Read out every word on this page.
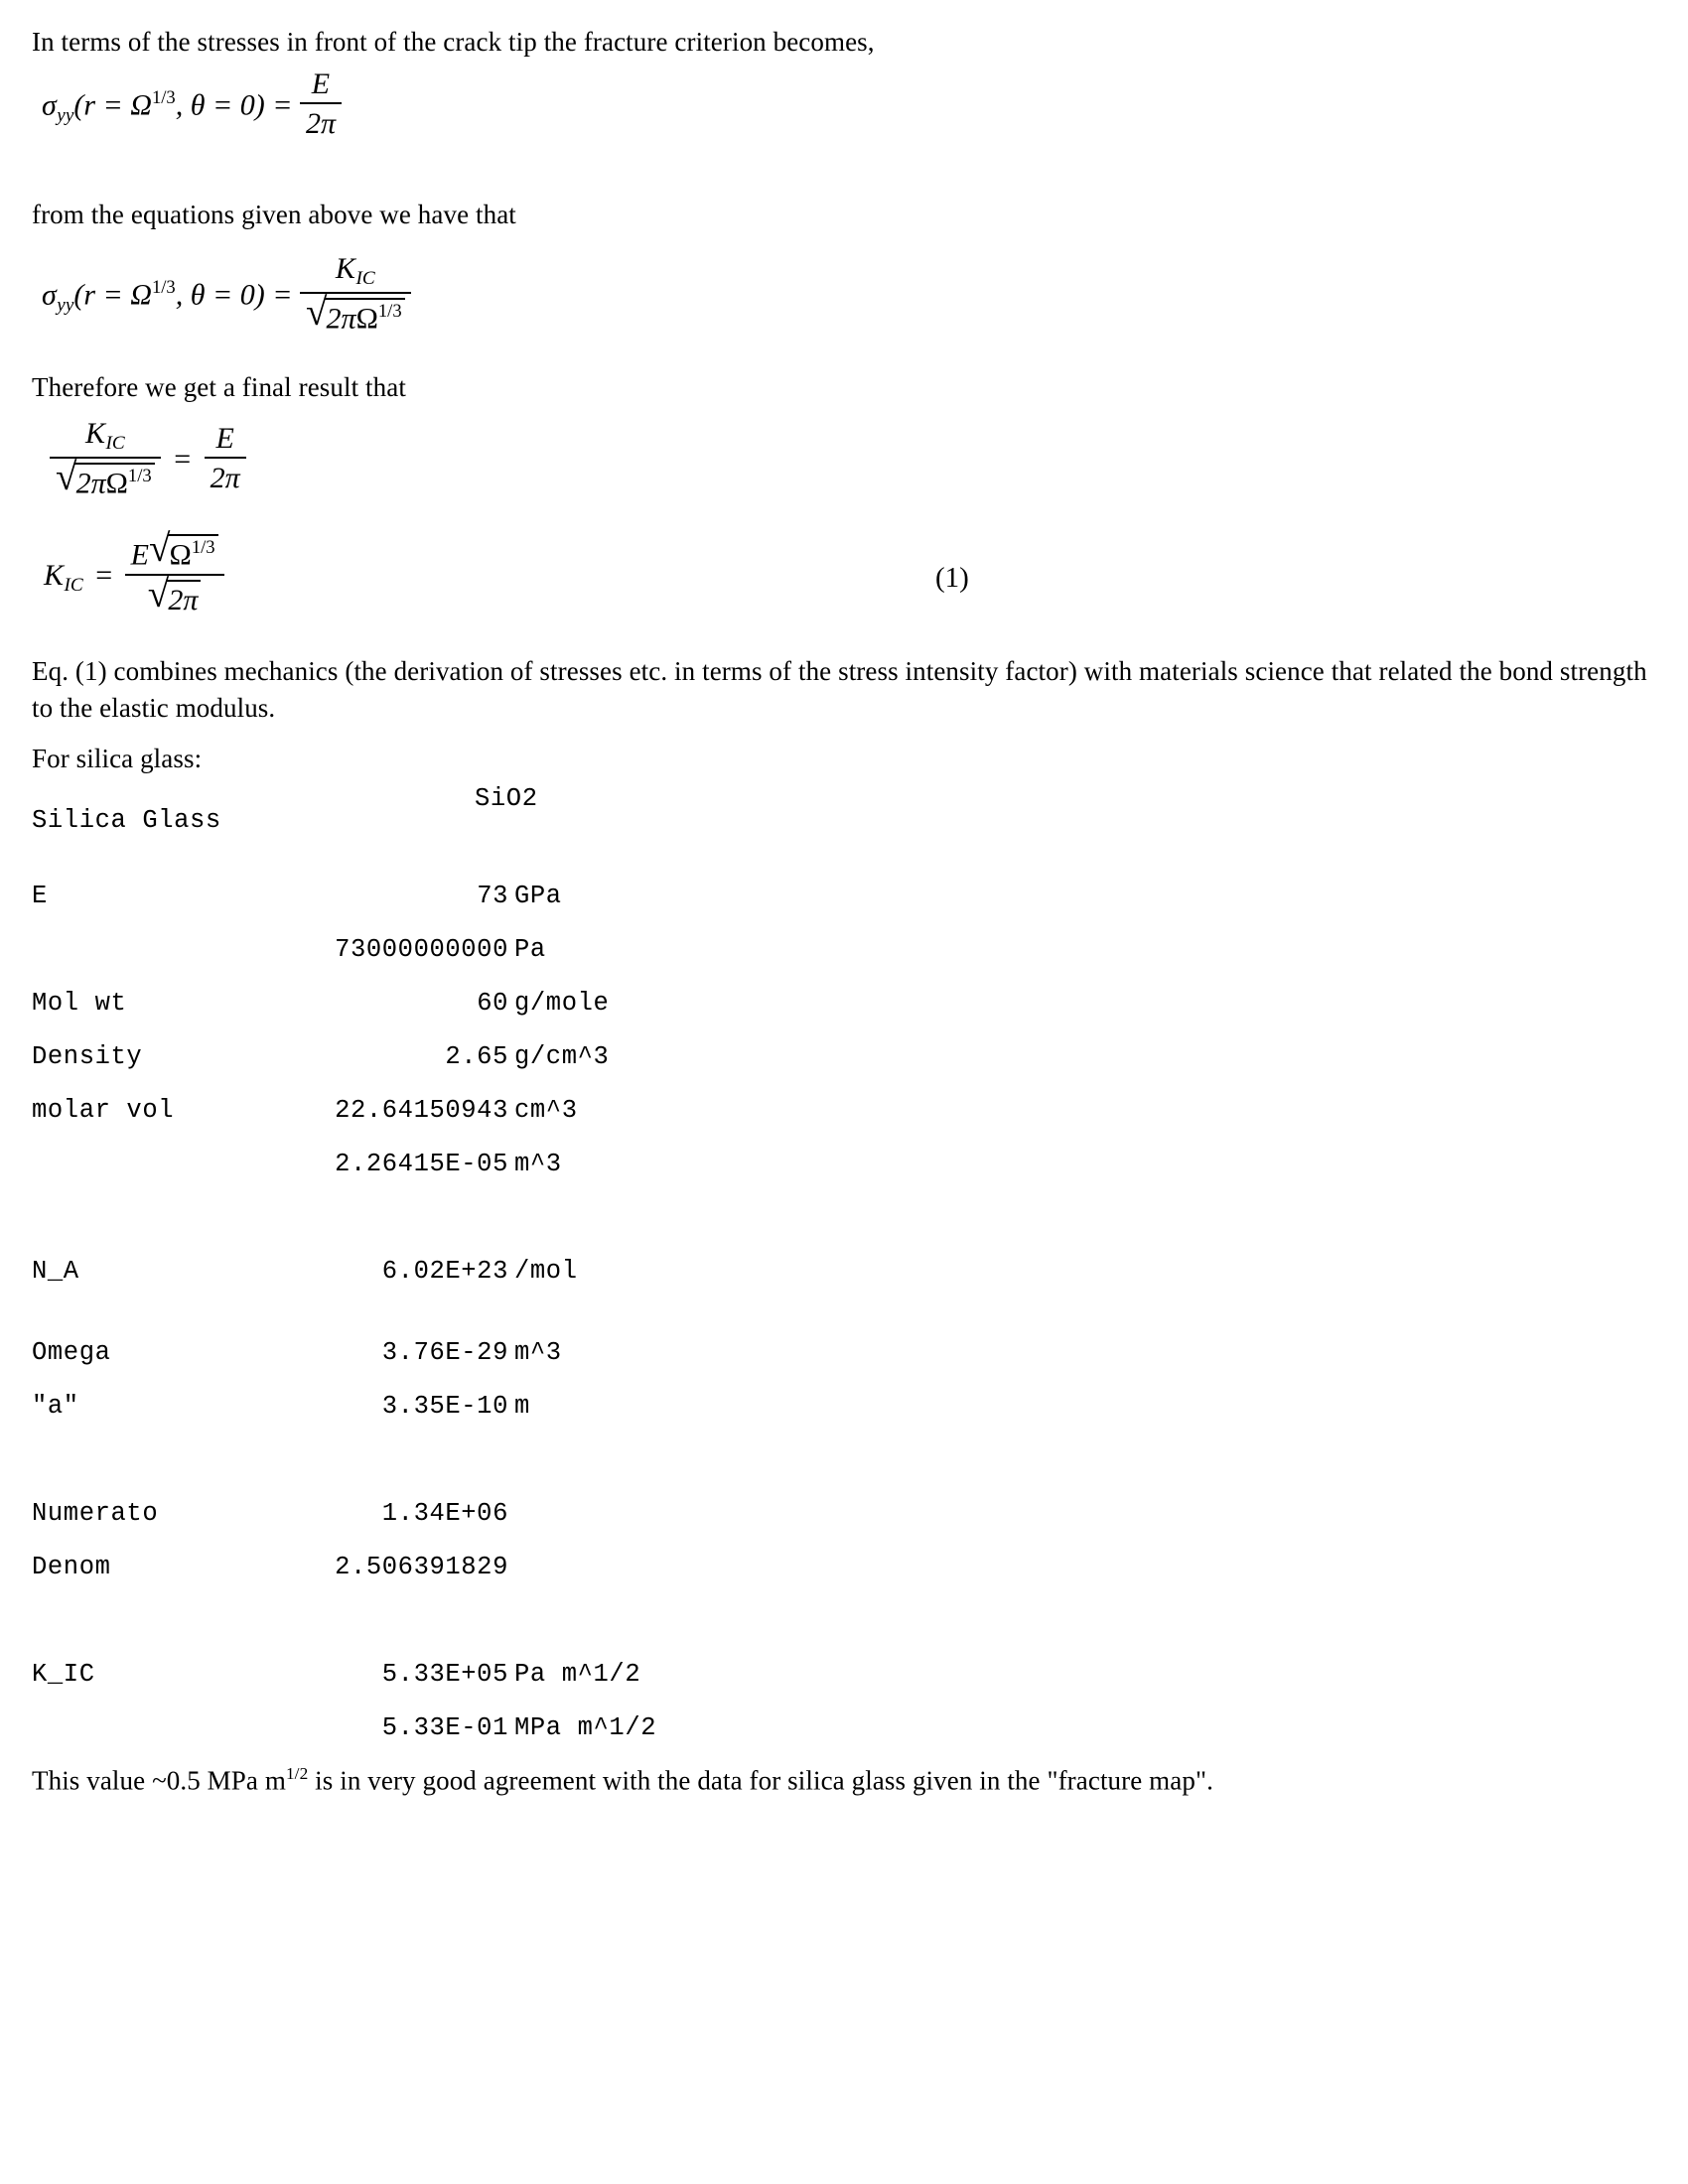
In terms of the stresses in front of the crack tip the fracture criterion becomes,
$\sigma_{yy}(r = \Omega^{1/3}$, $\theta = 0) = \frac{E}{2\pi}$
from the equations given above we have that
$\sigma_{yy}(r = \Omega^{1/3}$, $\theta = 0) = \frac{K_{IC}}{√ 2\pi\Omega^{1/3}}$
Therefore we get a final result that
$\frac{K_{IC}}{√ 2\pi\Omega^{1/3}} = \frac{E}{2\pi}$
$K_{IC} = \frac{E √ \Omega^{1/3}}{√ 2\pi}$	(1)
Eq. (1) combines mechanics (the derivation of stresses etc. in terms of the stress intensity factor) with materials science that related the bond strength to the elastic modulus.
For silica glass:
Silica Glass
SiO2
E	73 GPa
73000000000 Pa
Mol wt	60 g/mole
Density	2.65 g/cm^3
molar vol	22.64150943 cm^3
2.26415E-05 m^3
N_A	6.02E+23 /mol
Omega	3.76E-29 m^3
"a"	3.35E-10 m
Numerato	1.34E+06
Denom	2.506391829
K_IC	5.33E+05 Pa m^1/2
5.33E-01 MPa m^1/2
This value ~0.5 MPa $m^{1/2}$ is in very good agreement with the data for silica glass given in the "fracture map".
